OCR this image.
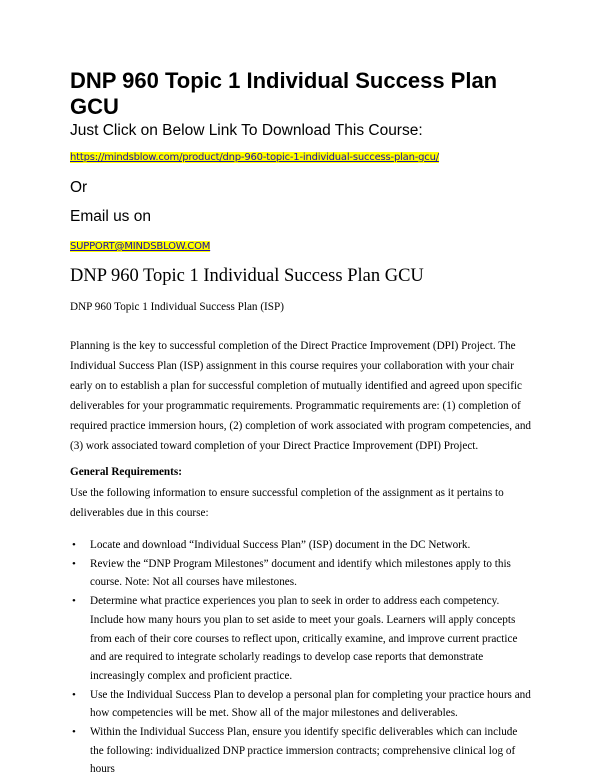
DNP 960 Topic 1 Individual Success Plan GCU
Just Click on Below Link To Download This Course:
https://mindsblow.com/product/dnp-960-topic-1-individual-success-plan-gcu/
Or
Email us on
SUPPORT@MINDSBLOW.COM
DNP 960 Topic 1 Individual Success Plan GCU
DNP 960 Topic 1 Individual Success Plan (ISP)
Planning is the key to successful completion of the Direct Practice Improvement (DPI) Project. The Individual Success Plan (ISP) assignment in this course requires your collaboration with your chair early on to establish a plan for successful completion of mutually identified and agreed upon specific deliverables for your programmatic requirements. Programmatic requirements are: (1) completion of required practice immersion hours, (2) completion of work associated with program competencies, and (3) work associated toward completion of your Direct Practice Improvement (DPI) Project.
General Requirements:
Use the following information to ensure successful completion of the assignment as it pertains to deliverables due in this course:
• Locate and download “Individual Success Plan” (ISP) document in the DC Network.
• Review the “DNP Program Milestones” document and identify which milestones apply to this course. Note: Not all courses have milestones.
• Determine what practice experiences you plan to seek in order to address each competency. Include how many hours you plan to set aside to meet your goals. Learners will apply concepts from each of their core courses to reflect upon, critically examine, and improve current practice and are required to integrate scholarly readings to develop case reports that demonstrate increasingly complex and proficient practice.
• Use the Individual Success Plan to develop a personal plan for completing your practice hours and how competencies will be met. Show all of the major milestones and deliverables.
• Within the Individual Success Plan, ensure you identify specific deliverables which can include the following: individualized DNP practice immersion contracts; comprehensive clinical log of hours
